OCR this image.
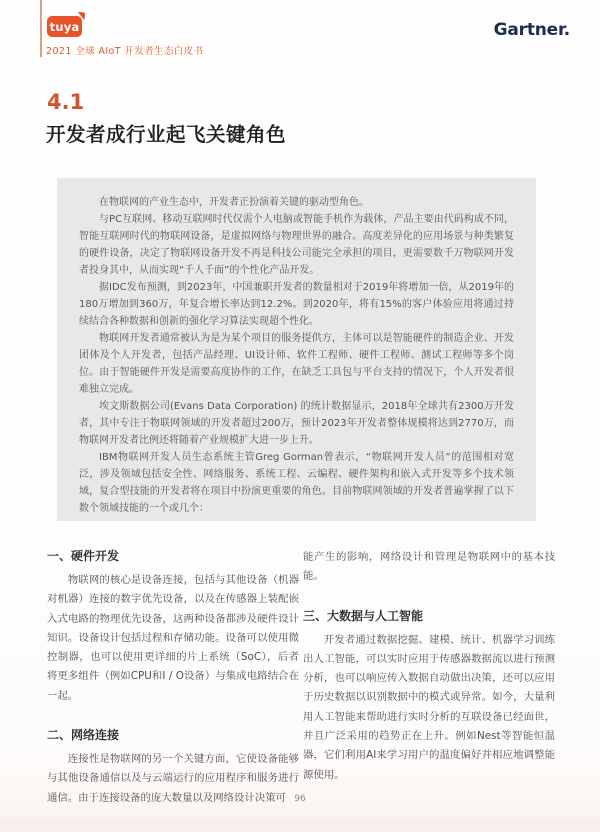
tuya
2021 全球 AIoT 开发者生态白皮书
Gartner.
4.1
开发者成行业起飞关键角色

在物联网的产业生态中，开发者正扮演着关键的驱动型角色。

与PC互联网、移动互联网时代仅需个人电脑或智能手机作为载体，产品主要由代码构成不同，智能互联网时代的物联网设备，是虚拟网络与物理世界的融合。高度差异化的应用场景与种类繁复的硬件设备，决定了物联网设备开发不再是科技公司能完全承担的项目，更需要数千万物联网开发者投身其中，从而实现“千人千面”的个性化产品开发。

据IDC发布预测，到2023年，中国兼职开发者的数量相对于2019年将增加一倍，从2019年的180万增加到360万，年复合增长率达到12.2%。到2020年，将有15%的客户体验应用将通过持续结合各种数据和创新的强化学习算法实现超个性化。

物联网开发者通常被认为是为某个项目的服务提供方，主体可以是智能硬件的制造企业、开发团体及个人开发者，包括产品经理、UI设计师、软件工程师、硬件工程师、测试工程师等多个岗位。由于智能硬件开发是需要高度协作的工作，在缺乏工具包与平台支持的情况下，个人开发者很难独立完成。

埃文斯数据公司(Evans Data Corporation) 的统计数据显示，2018年全球共有2300万开发者，其中专注于物联网领域的开发者超过200万，预计2023年开发者整体规模将达到2770万，而物联网开发者比例还将随着产业规模扩大进一步上升。

IBM物联网开发人员生态系统主管Greg Gorman曾表示，“物联网开发人员”的范围相对宽泛，涉及领域包括安全性、网络服务、系统工程、云编程、硬件架构和嵌入式开发等多个技术领域，复合型技能的开发者将在项目中扮演更重要的角色。目前物联网领域的开发者普遍掌握了以下数个领域技能的一个或几个：

一、硬件开发

物联网的核心是设备连接，包括与其他设备（机器对机器）连接的数字优先设备，以及在传感器上装配嵌入式电路的物理优先设备，这两种设备都涉及硬件设计知识。设备设计包括过程和存储功能。设备可以使用微控制器，也可以使用更详细的片上系统（SoC），后者将更多组件（例如CPU和I / O设备）与集成电路结合在一起。

二、网络连接

连接性是物联网的另一个关键方面，它使设备能够与其他设备通信以及与云端运行的应用程序和服务进行通信。由于连接设备的庞大数量以及网络设计决策可

能产生的影响，网络设计和管理是物联网中的基本技能。

三、大数据与人工智能

开发者通过数据挖掘、建模、统计、机器学习训练出人工智能，可以实时应用于传感器数据流以进行预测分析，也可以响应传入数据自动做出决策，还可以应用于历史数据以识别数据中的模式或异常。如今，大量利用人工智能来帮助进行实时分析的互联设备已经面世，并且广泛采用的趋势正在上升。例如Nest等智能恒温器，它们利用AI来学习用户的温度偏好并相应地调整能源使用。

96
